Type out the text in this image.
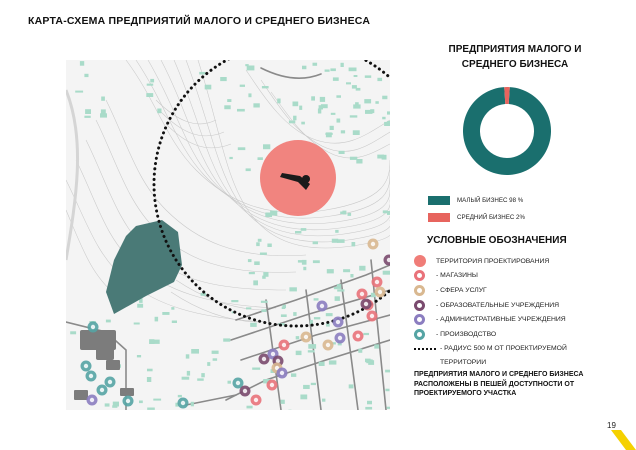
КАРТА-СХЕМА ПРЕДПРИЯТИЙ МАЛОГО И СРЕДНЕГО БИЗНЕСА
ПРЕДПРИЯТИЯ МАЛОГО И СРЕДНЕГО БИЗНЕСА
МАЛЫЙ БИЗНЕС 98 %
СРЕДНИЙ БИЗНЕС 2%
УСЛОВНЫЕ ОБОЗНАЧЕНИЯ
ТЕРРИТОРИЯ ПРОЕКТИРОВАНИЯ
- МАГАЗИНЫ
- СФЕРА УСЛУГ
- ОБРАЗОВАТЕЛЬНЫЕ УЧРЕЖДЕНИЯ
- АДМИНИСТРАТИВНЫЕ УЧРЕЖДЕНИЯ
- ПРОИЗВОДСТВО
- РАДИУС 500 М ОТ ПРОЕКТИРУЕМОЙ
ТЕРРИТОРИИ
ПРЕДПРИЯТИЯ МАЛОГО И СРЕДНЕГО БИЗНЕСА РАСПОЛОЖЕНЫ В ПЕШЕЙ ДОСТУПНОСТИ ОТ ПРОЕКТИРУЕМОГО УЧАСТКА
19
